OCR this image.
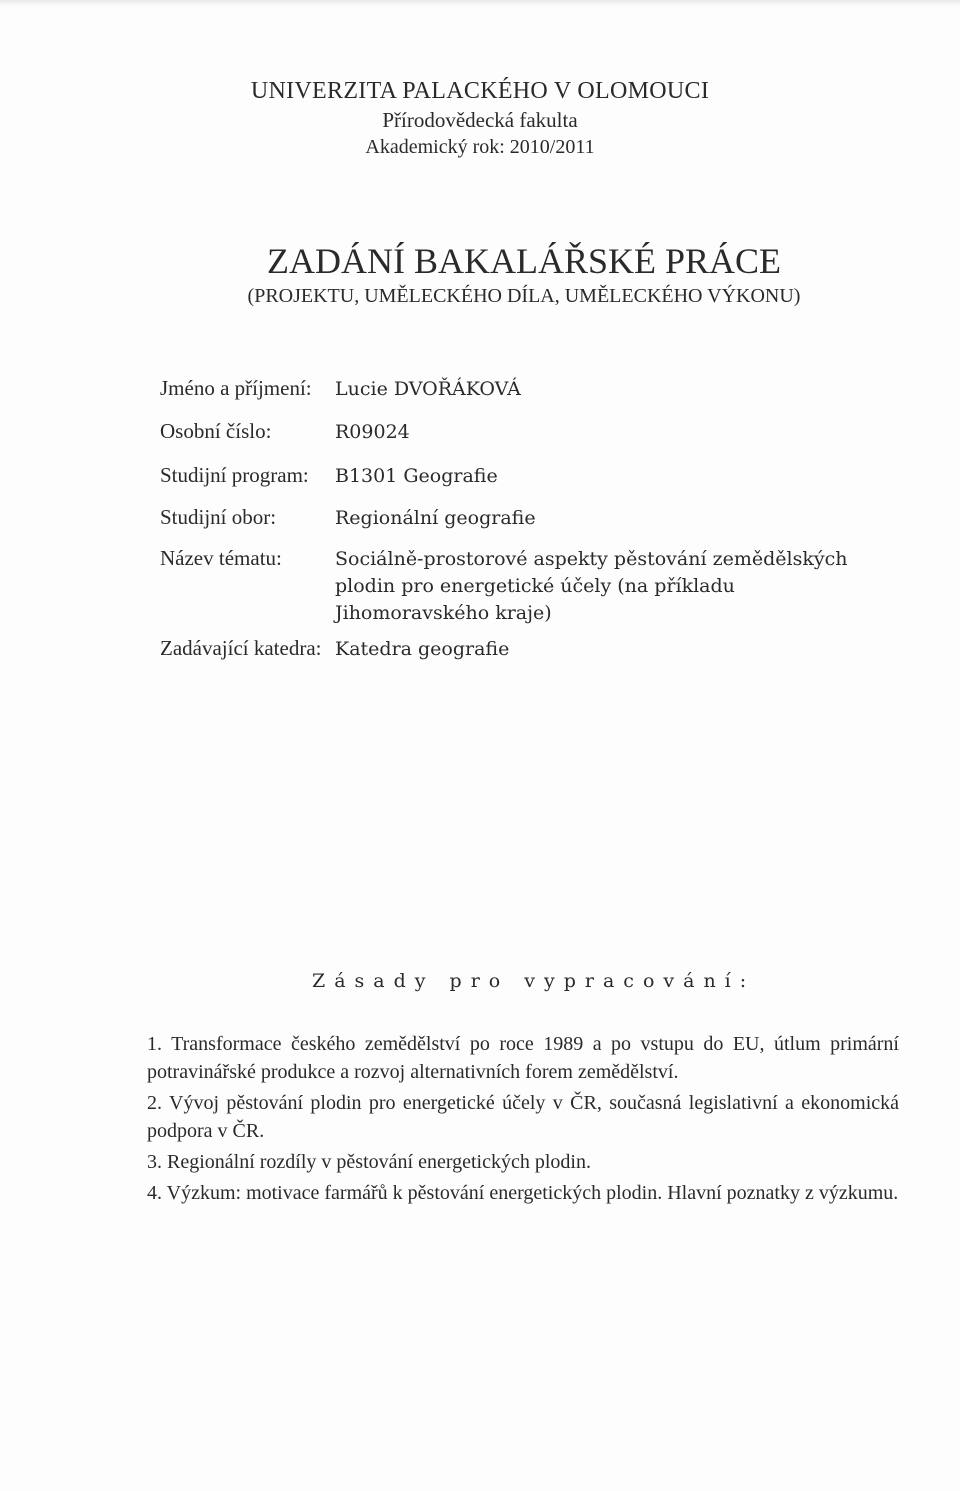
UNIVERZITA PALACKÉHO V OLOMOUCI
Přírodovědecká fakulta
Akademický rok: 2010/2011
ZADÁNÍ BAKALÁŘSKÉ PRÁCE
(PROJEKTU, UMĚLECKÉHO DÍLA, UMĚLECKÉHO VÝKONU)
Jméno a příjmení: Lucie DVOŘÁKOVÁ
Osobní číslo:	R09024
Studijní program: B1301 Geografie
Studijní obor:	Regionální geografie
Název tématu:	Sociálně-prostorové aspekty pěstování zemědělských plodin pro energetické účely (na příkladu Jihomoravského kraje)
Zadávající katedra: Katedra geografie
Zásady pro vypracování:
1. Transformace českého zemědělství po roce 1989 a po vstupu do EU, útlum primární potravinářské produkce a rozvoj alternativních forem zemědělství.
2. Vývoj pěstování plodin pro energetické účely v ČR, současná legislativní a ekonomická podpora v ČR.
3. Regionální rozdíly v pěstování energetických plodin.
4. Výzkum: motivace farmářů k pěstování energetických plodin. Hlavní poznatky z výzkumu.
